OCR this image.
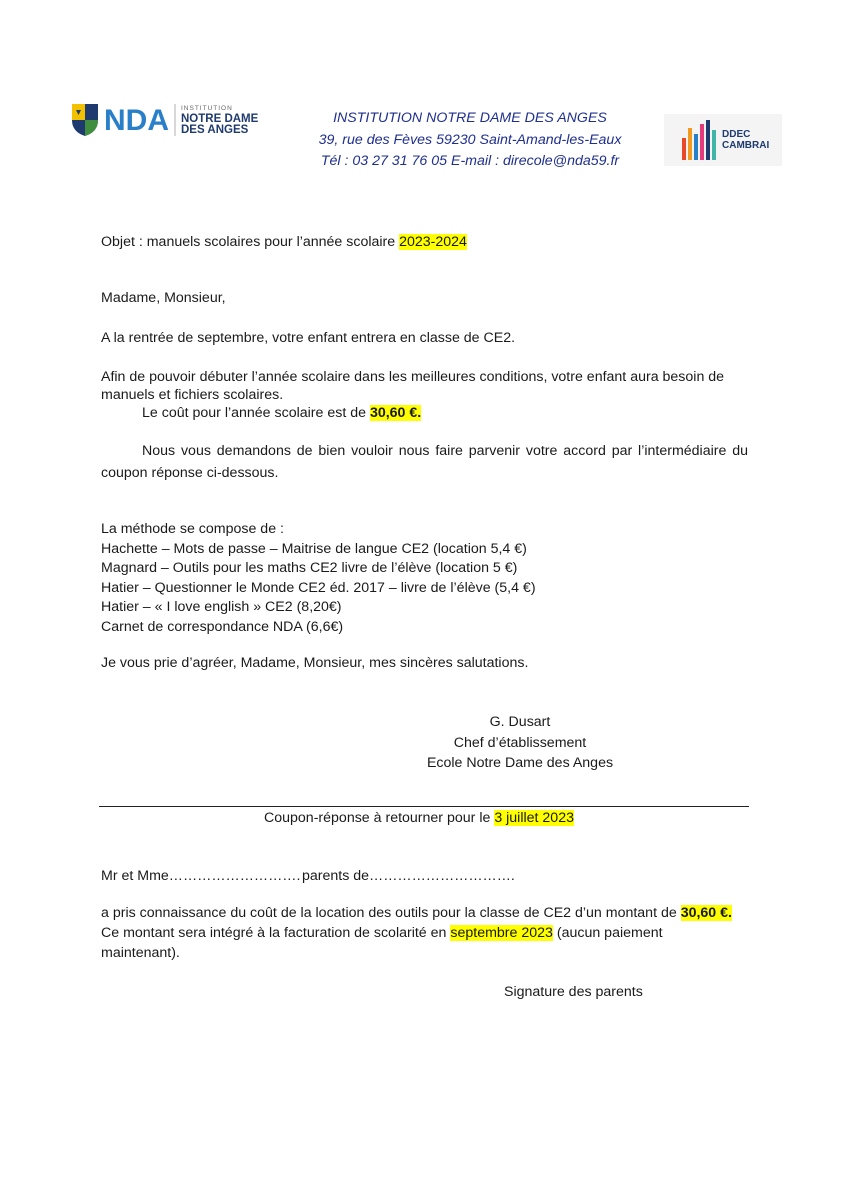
NDA INSTITUTION
NOTRE DAME
DES ANGES
INSTITUTION NOTRE DAME DES ANGES
39, rue des Fèves 59230 Saint-Amand-les-Eaux
Tél : 03 27 31 76 05 E-mail : direcole@nda59.fr
DDEC
CAMBRAI
Objet : manuels scolaires pour l’année scolaire 2023-2024
Madame, Monsieur,
A la rentrée de septembre, votre enfant entrera en classe de CE2.
Afin de pouvoir débuter l’année scolaire dans les meilleures conditions, votre enfant aura besoin de
manuels et fichiers scolaires.
Le coût pour l’année scolaire est de 30,60 €.
Nous vous demandons de bien vouloir nous faire parvenir votre accord par l’intermédiaire du
coupon réponse ci-dessous.
La méthode se compose de :
Hachette – Mots de passe – Maitrise de langue CE2 (location 5,4 €)
Magnard – Outils pour les maths CE2 livre de l’élève (location 5 €)
Hatier – Questionner le Monde CE2 éd. 2017 – livre de l’élève (5,4 €)
Hatier – « I love english » CE2 (8,20€)
Carnet de correspondance NDA (6,6€)
Je vous prie d’agréer, Madame, Monsieur, mes sincères salutations.
G. Dusart
Chef d’établissement
Ecole Notre Dame des Anges
Coupon-réponse à retourner pour le 3 juillet 2023
Mr et Mme………………………. parents de………………………….
a pris connaissance du coût de la location des outils pour la classe de CE2 d’un montant de 30,60 €.
Ce montant sera intégré à la facturation de scolarité en septembre 2023 (aucun paiement
maintenant).
Signature des parents
